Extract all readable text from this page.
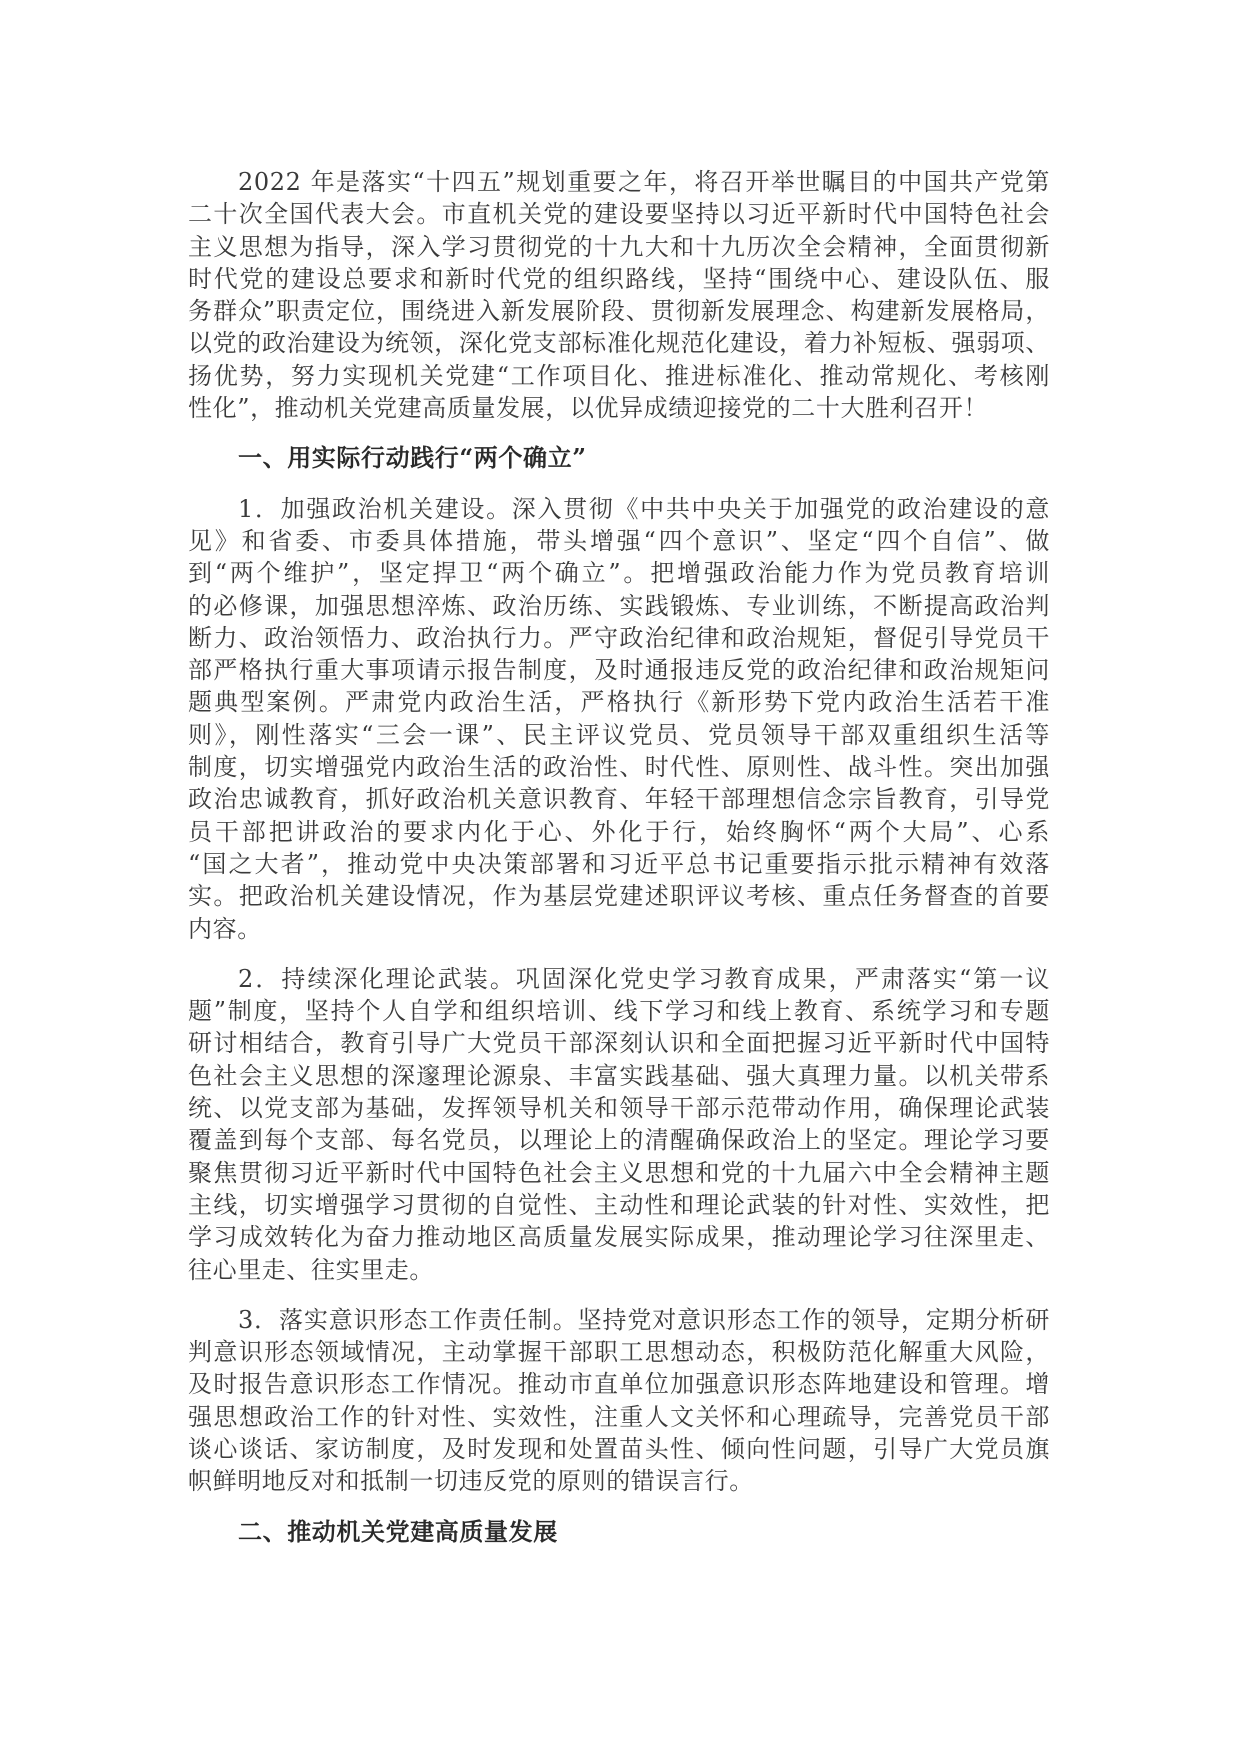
2022 年是落实“十四五”规划重要之年，将召开举世瞩目的中国共产党第
二十次全国代表大会。市直机关党的建设要坚持以习近平新时代中国特色社会
主义思想为指导，深入学习贯彻党的十九大和十九历次全会精神，全面贯彻新
时代党的建设总要求和新时代党的组织路线，坚持“围绕中心、建设队伍、服
务群众”职责定位，围绕进入新发展阶段、贯彻新发展理念、构建新发展格局，
以党的政治建设为统领，深化党支部标准化规范化建设，着力补短板、强弱项、
扬优势，努力实现机关党建“工作项目化、推进标准化、推动常规化、考核刚
性化”，推动机关党建高质量发展，以优异成绩迎接党的二十大胜利召开！
一、用实际行动践行“两个确立”
1．加强政治机关建设。深入贯彻《中共中央关于加强党的政治建设的意
见》和省委、市委具体措施，带头增强“四个意识”、坚定“四个自信”、做
到“两个维护”，坚定捍卫“两个确立”。把增强政治能力作为党员教育培训
的必修课，加强思想淬炼、政治历练、实践锻炼、专业训练，不断提高政治判
断力、政治领悟力、政治执行力。严守政治纪律和政治规矩，督促引导党员干
部严格执行重大事项请示报告制度，及时通报违反党的政治纪律和政治规矩问
题典型案例。严肃党内政治生活，严格执行《新形势下党内政治生活若干准
则》，刚性落实“三会一课”、民主评议党员、党员领导干部双重组织生活等
制度，切实增强党内政治生活的政治性、时代性、原则性、战斗性。突出加强
政治忠诚教育，抓好政治机关意识教育、年轻干部理想信念宗旨教育，引导党
员干部把讲政治的要求内化于心、外化于行，始终胸怀“两个大局”、心系
“国之大者”，推动党中央决策部署和习近平总书记重要指示批示精神有效落
实。把政治机关建设情况，作为基层党建述职评议考核、重点任务督查的首要
内容。
2．持续深化理论武装。巩固深化党史学习教育成果，严肃落实“第一议
题”制度，坚持个人自学和组织培训、线下学习和线上教育、系统学习和专题
研讨相结合，教育引导广大党员干部深刻认识和全面把握习近平新时代中国特
色社会主义思想的深邃理论源泉、丰富实践基础、强大真理力量。以机关带系
统、以党支部为基础，发挥领导机关和领导干部示范带动作用，确保理论武装
覆盖到每个支部、每名党员，以理论上的清醒确保政治上的坚定。理论学习要
聚焦贯彻习近平新时代中国特色社会主义思想和党的十九届六中全会精神主题
主线，切实增强学习贯彻的自觉性、主动性和理论武装的针对性、实效性，把
学习成效转化为奋力推动地区高质量发展实际成果，推动理论学习往深里走、
往心里走、往实里走。
3．落实意识形态工作责任制。坚持党对意识形态工作的领导，定期分析研
判意识形态领域情况，主动掌握干部职工思想动态，积极防范化解重大风险，
及时报告意识形态工作情况。推动市直单位加强意识形态阵地建设和管理。增
强思想政治工作的针对性、实效性，注重人文关怀和心理疏导，完善党员干部
谈心谈话、家访制度，及时发现和处置苗头性、倾向性问题，引导广大党员旗
帜鲜明地反对和抵制一切违反党的原则的错误言行。
二、推动机关党建高质量发展
